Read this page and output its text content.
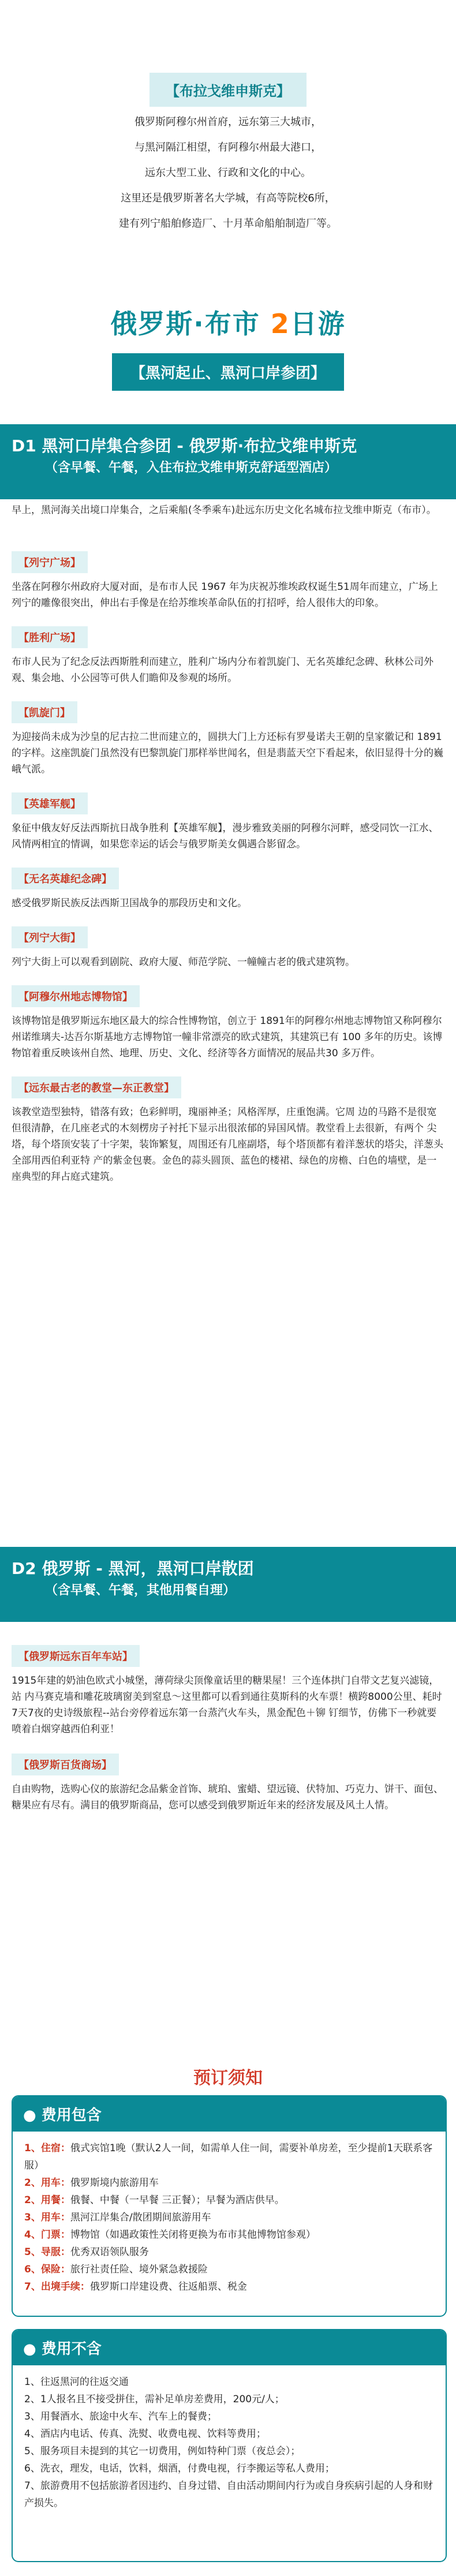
【布拉戈维申斯克】
俄罗斯阿穆尔州首府，远东第三大城市，
与黑河隔江相望，有阿穆尔州最大港口，
远东大型工业、行政和文化的中心。
这里还是俄罗斯著名大学城，有高等院校6所，
建有列宁船舶修造厂、十月革命船舶制造厂等。
俄罗斯·布市 2日游
【黑河起止、黑河口岸参团】
D1 黑河口岸集合参团 - 俄罗斯·布拉戈维申斯克
（含早餐、午餐，入住布拉戈维申斯克舒适型酒店）
早上，黑河海关出境口岸集合，之后乘船(冬季乘车)赴远东历史文化名城布拉戈维申斯克（布市）。
【列宁广场】
坐落在阿穆尔州政府大厦对面，是布市人民 1967 年为庆祝苏维埃政权诞生51周年而建立，广场上列宁的雕像很突出，伸出右手像是在给苏维埃革命队伍的打招呼，给人很伟大的印象。
【胜利广场】
布市人民为了纪念反法西斯胜利而建立，胜利广场内分布着凯旋门、无名英雄纪念碑、秋林公司外观、集会地、小公园等可供人们瞻仰及参观的场所。
【凯旋门】
为迎接尚未成为沙皇的尼古拉二世而建立的，圆拱大门上方还标有罗曼诺夫王朝的皇家徽记和 1891 的字样。这座凯旋门虽然没有巴黎凯旋门那样举世闻名，但是翡蓝天空下看起来，依旧显得十分的巍峨气派。
【英雄军舰】
象征中俄友好反法西斯抗日战争胜利【英雄军舰】，漫步雅致美丽的阿穆尔河畔，感受同饮一江水、风情两相宜的情调，如果您幸运的话会与俄罗斯美女偶遇合影留念。
【无名英雄纪念碑】
感受俄罗斯民族反法西斯卫国战争的那段历史和文化。
【列宁大街】
列宁大街上可以观看到剧院、政府大厦、师范学院、一幢幢古老的俄式建筑物。
【阿穆尔州地志博物馆】
该博物馆是俄罗斯远东地区最大的综合性博物馆，创立于 1891年的阿穆尔州地志博物馆又称阿穆尔州诺维璃夫-达吾尔斯基地方志博物馆一幢非常漂亮的欧式建筑，其建筑已有 100 多年的历史。该博物馆着重反映该州自然、地理、历史、文化、经济等各方面情况的展品共30 多万件。
【远东最古老的教堂—东正教堂】
该教堂造型独特，错落有致；色彩鲜明，瑰丽神圣；风格浑厚，庄重饱满。它周 边的马路不是很宽但很清静，在几座老式的木刻楞房子衬托下显示出很浓郁的异国风情。教堂看上去很新，有两个 尖塔，每个塔顶安装了十字架，装饰繁复，周围还有几座副塔，每个塔顶都有着洋葱状的塔尖，洋葱头全部用西伯利亚特 产的紫金包裹。金色的蒜头圆顶、蓝色的楼裙、绿色的房檐、白色的墙壁，是一座典型的拜占庭式建筑。
D2 俄罗斯 - 黑河，黑河口岸散团
（含早餐、午餐，其他用餐自理）
【俄罗斯远东百年车站】
1915年建的奶油色欧式小城堡，薄荷绿尖顶像童话里的糖果屋！三个连体拱门自带文艺复兴滤镜，站 内马赛克墙和雕花玻璃窗美到窒息～这里都可以看到通往莫斯科的火车票！横跨8000公里、耗时7天7夜的史诗级旅程--站台旁停着远东第一台蒸汽火车头，黑金配色＋铆 钉细节，仿佛下一秒就要喷着白烟穿越西伯利亚！
【俄罗斯百货商场】
自由购物，选购心仪的旅游纪念品紫金首饰、琥珀、蜜蜡、望远镜、伏特加、巧克力、饼干、面包、糖果应有尽有。满目的俄罗斯商品，您可以感受到俄罗斯近年来的经济发展及风土人情。
预订须知
● 费用包含
1、住宿：俄式宾馆1晚（默认2人一间，如需单人住一间，需要补单房差，至少提前1天联系客服）
2、用车：俄罗斯境内旅游用车
2、用餐：俄餐、中餐（一早餐 三正餐）；早餐为酒店供早。
3、用车：黑河江岸集合/散团期间旅游用车
4、门票：博物馆（如遇政策性关闭将更换为布市其他博物馆参观）
5、导服：优秀双语领队服务
6、保险：旅行社责任险、境外紧急救援险
7、出境手续：俄罗斯口岸建设费、往返船票、税金
● 费用不含
1、往返黑河的往返交通
2、1人报名且不接受拼住，需补足单房差费用，200元/人；
3、用餐酒水、旅途中火车、汽车上的餐费；
4、酒店内电话、传真、洗熨、收费电视、饮料等费用；
5、服务项目未提到的其它一切费用，例如特种门票（夜总会）；
6、洗衣，理发，电话，饮料，烟酒，付费电视，行李搬运等私人费用；
7、旅游费用不包括旅游者因违约、自身过错、自由活动期间内行为或自身疾病引起的人身和财产损失。
